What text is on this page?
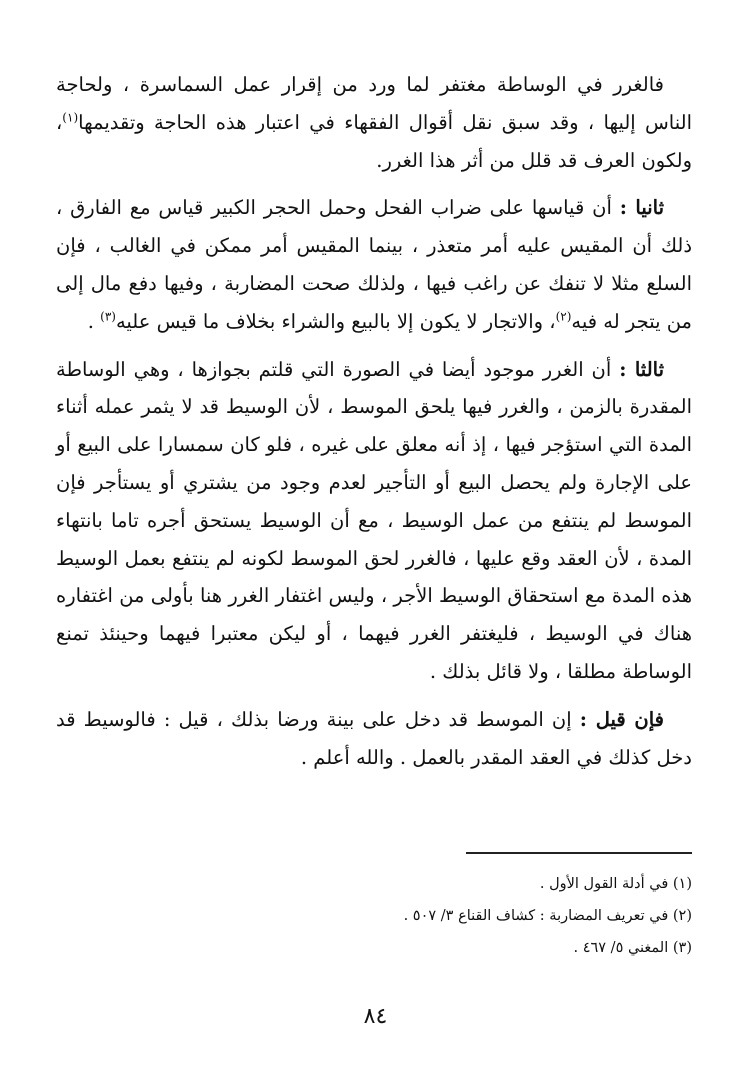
فالغرر في الوساطة مغتفر لما ورد من إقرار عمل السماسرة ، ولحاجة الناس إليها ، وقد سبق نقل أقوال الفقهاء في اعتبار هذه الحاجة وتقديمها$^{(١)}$، ولكون العرف قد قلل من أثر هذا الغرر.

ثانيا : أن قياسها على ضراب الفحل وحمل الحجر الكبير قياس مع الفارق ، ذلك أن المقيس عليه أمر متعذر ، بينما المقيس أمر ممكن في الغالب ، فإن السلع مثلا لا تنفك عن راغب فيها ، ولذلك صحت المضاربة ، وفيها دفع مال إلى من يتجر له فيه$^{(٢)}$، والاتجار لا يكون إلا بالبيع والشراء بخلاف ما قيس عليه$^{(٣)}$ .

ثالثا : أن الغرر موجود أيضا في الصورة التي قلتم بجوازها ، وهي الوساطة المقدرة بالزمن ، والغرر فيها يلحق الموسط ، لأن الوسيط قد لا يثمر عمله أثناء المدة التي استؤجر فيها ، إذ أنه معلق على غيره ، فلو كان سمسارا على البيع أو على الإجارة ولم يحصل البيع أو التأجير لعدم وجود من يشتري أو يستأجر فإن الموسط لم ينتفع من عمل الوسيط ، مع أن الوسيط يستحق أجره تاما بانتهاء المدة ، لأن العقد وقع عليها ، فالغرر لحق الموسط لكونه لم ينتفع بعمل الوسيط هذه المدة مع استحقاق الوسيط الأجر ، وليس اغتفار الغرر هنا بأولى من اغتفاره هناك في الوسيط ، فليغتفر الغرر فيهما ، أو ليكن معتبرا فيهما وحينئذ تمنع الوساطة مطلقا ، ولا قائل بذلك .

فإن قيل : إن الموسط قد دخل على بينة ورضا بذلك ، قيل : فالوسيط قد دخل كذلك في العقد المقدر بالعمل . والله أعلم .

(١) في أدلة القول الأول .

(٢) في تعريف المضاربة : كشاف القناع ٣/ ٥٠٧ .

(٣) المغني ٥/ ٤٦٧ .

٨٤
